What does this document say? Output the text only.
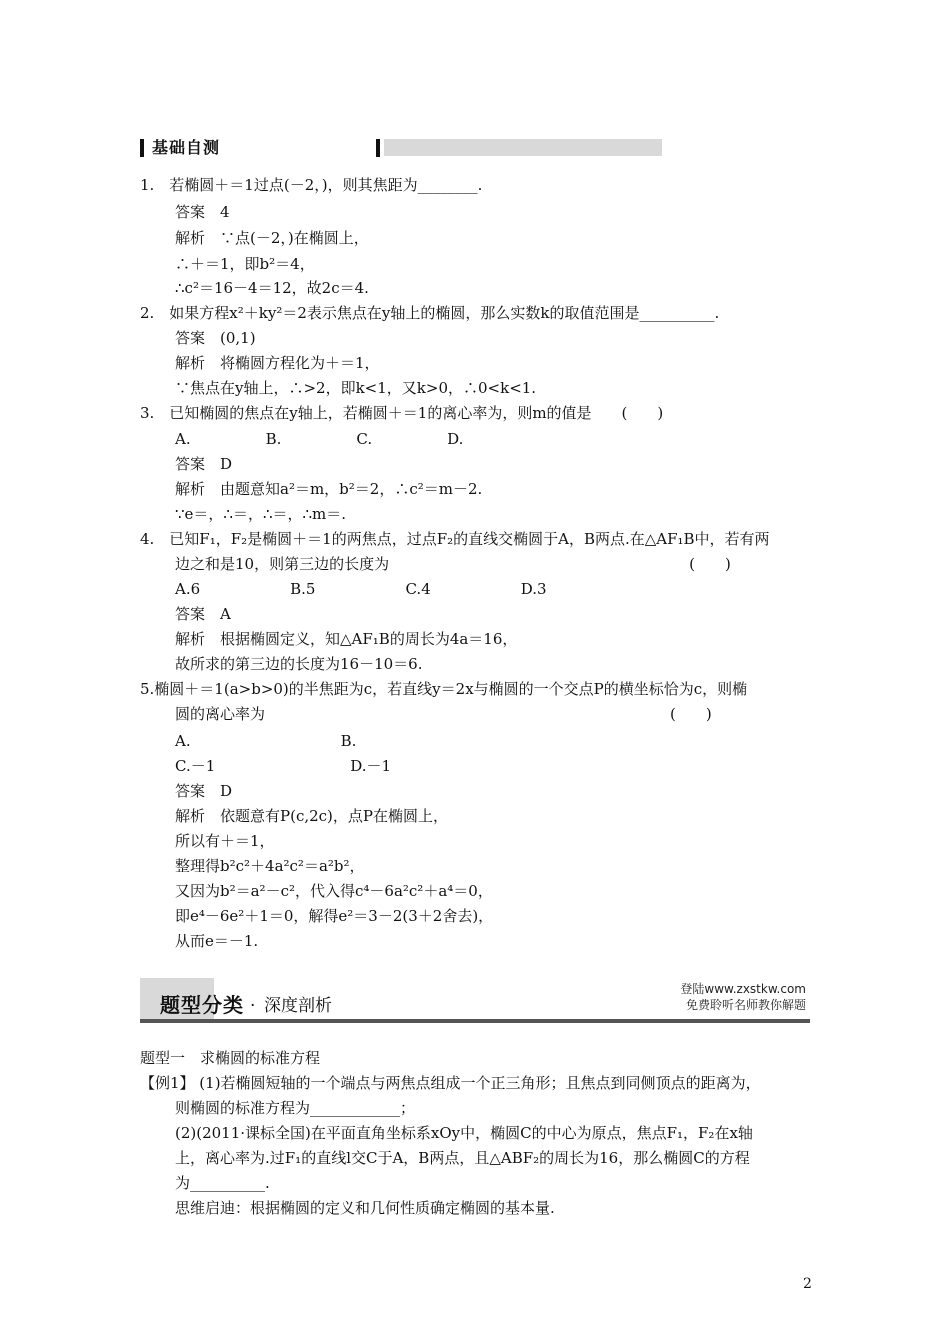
基础自测
1.　若椭圆＋＝1过点(－2，)，则其焦距为________.
答案　4
解析　∵点(－2，)在椭圆上，
∴＋＝1，即b²＝4，
∴c²＝16－4＝12，故2c＝4.
2.　如果方程x²＋ky²＝2表示焦点在y轴上的椭圆，那么实数k的取值范围是__________.
答案　(0,1)
解析　将椭圆方程化为＋＝1，
∵焦点在y轴上，∴>2，即k<1，又k>0，∴0<k<1.
3.　已知椭圆的焦点在y轴上，若椭圆＋＝1的离心率为，则m的值是　　(　　)
A.　　　　　B.　　　　　C.　　　　　D.
答案　D
解析　由题意知a²＝m，b²＝2，∴c²＝m－2.
∵e＝，∴＝，∴＝，∴m＝.
4.　已知F₁，F₂是椭圆＋＝1的两焦点，过点F₂的直线交椭圆于A，B两点.在△AF₁B中，若有两
边之和是10，则第三边的长度为　　　　　　　　　　　　　　　　　　　　(　　)
A.6　　　　　　B.5　　　　　　C.4　　　　　　D.3
答案　A
解析　根据椭圆定义，知△AF₁B的周长为4a＝16，
故所求的第三边的长度为16－10＝6.
5.椭圆＋＝1(a>b>0)的半焦距为c，若直线y＝2x与椭圆的一个交点P的横坐标恰为c，则椭
圆的离心率为　　　　　　　　　　　　　　　　　　　　　　　　　　　(　　)
A.　　　　　　　　　　B.
C.－1　　　　　　　　　D.－1
答案　D
解析　依题意有P(c,2c)，点P在椭圆上，
所以有＋＝1，
整理得b²c²＋4a²c²＝a²b²，
又因为b²＝a²－c²，代入得c⁴－6a²c²＋a⁴＝0，
即e⁴－6e²＋1＝0，解得e²＝3－2(3＋2舍去)，
从而e＝－1.
题型一　求椭圆的标准方程
【例1】 (1)若椭圆短轴的一个端点与两焦点组成一个正三角形；且焦点到同侧顶点的距离为，
则椭圆的标准方程为____________；
(2)(2011·课标全国)在平面直角坐标系xOy中，椭圆C的中心为原点，焦点F₁，F₂在x轴
上，离心率为.过F₁的直线l交C于A，B两点，且△ABF₂的周长为16，那么椭圆C的方程
为__________.
思维启迪：根据椭圆的定义和几何性质确定椭圆的基本量.
题型分类 · 深度剖析
登陆www.zxstkw.com
免费聆听名师教你解题
2
